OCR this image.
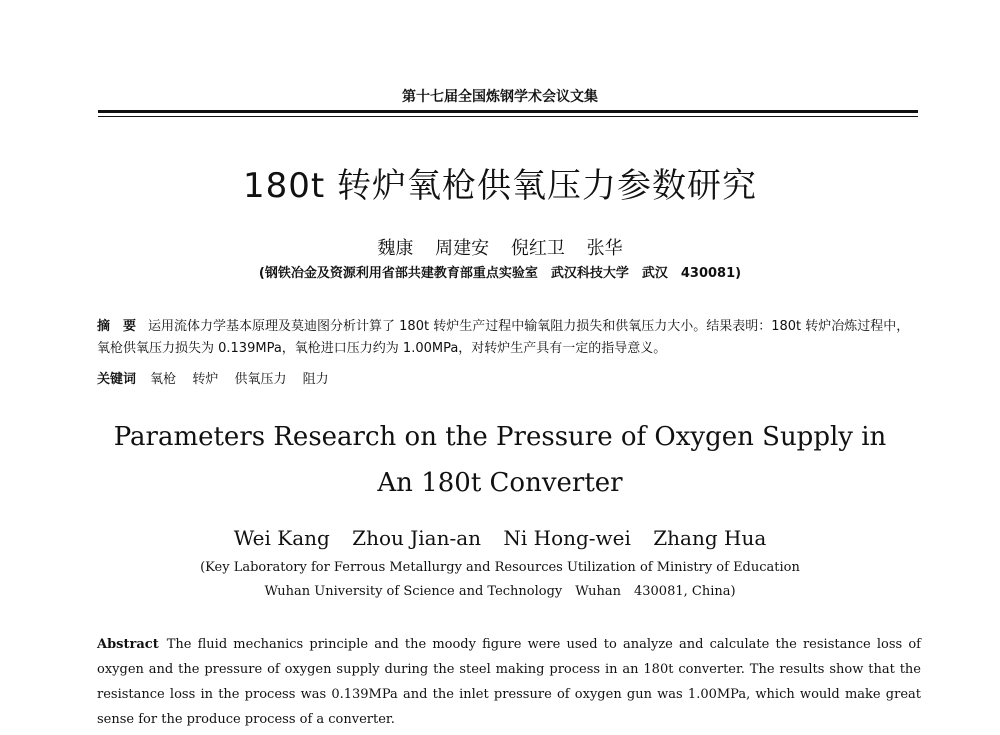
第十七届全国炼钢学术会议文集
180t 转炉氧枪供氧压力参数研究
魏康 周建安 倪红卫 张华
(钢铁冶金及资源利用省部共建教育部重点实验室　武汉科技大学　武汉　430081)
摘　要 运用流体力学基本原理及莫迪图分析计算了 180t 转炉生产过程中输氧阻力损失和供氧压力大小。结果表明：180t 转炉冶炼过程中，氧枪供氧压力损失为 0.139MPa，氧枪进口压力约为 1.00MPa，对转炉生产具有一定的指导意义。
关键词 氧枪 转炉 供氧压力 阻力
Parameters Research on the Pressure of Oxygen Supply in An 180t Converter
Wei Kang Zhou Jian-an Ni Hong-wei Zhang Hua
(Key Laboratory for Ferrous Metallurgy and Resources Utilization of Ministry of Education
Wuhan University of Science and Technology　Wuhan　430081, China)
Abstract The fluid mechanics principle and the moody figure were used to analyze and calculate the resistance loss of oxygen and the pressure of oxygen supply during the steel making process in an 180t converter. The results show that the resistance loss in the process was 0.139MPa and the inlet pressure of oxygen gun was 1.00MPa, which would make great sense for the produce process of a converter.
